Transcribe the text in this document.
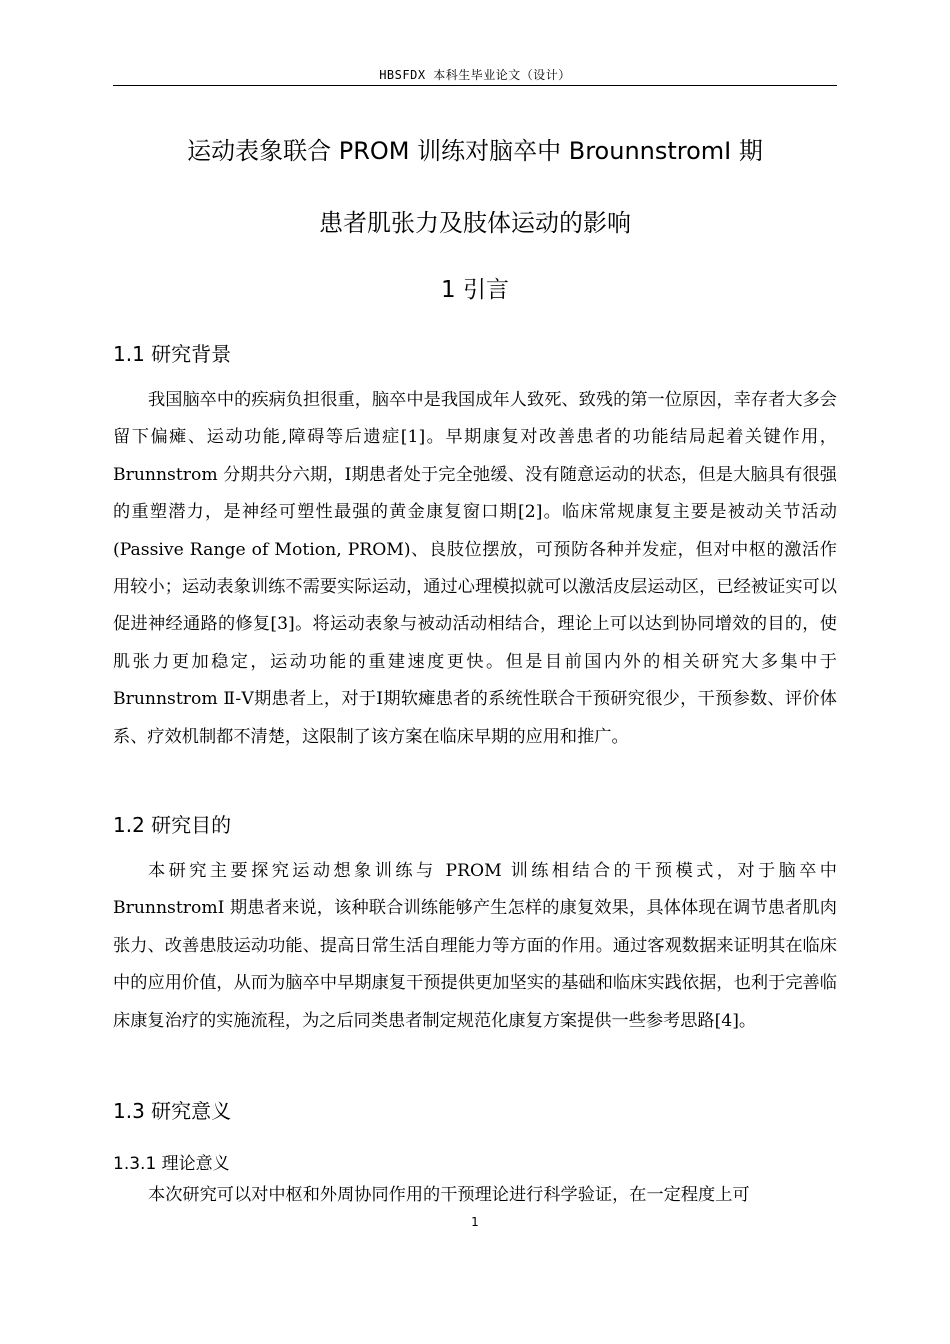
HBSFDX 本科生毕业论文（设计）
运动表象联合 PROM 训练对脑卒中 BrounnstromI 期
患者肌张力及肢体运动的影响
1 引言
1.1 研究背景

我国脑卒中的疾病负担很重，脑卒中是我国成年人致死、致残的第一位原因，幸存者大多会留下偏瘫、运动功能,障碍等后遗症[1]。早期康复对改善患者的功能结局起着关键作用，Brunnstrom 分期共分六期，Ⅰ期患者处于完全弛缓、没有随意运动的状态，但是大脑具有很强的重塑潜力，是神经可塑性最强的黄金康复窗口期[2]。临床常规康复主要是被动关节活动(Passive Range of Motion, PROM)、良肢位摆放，可预防各种并发症，但对中枢的激活作用较小；运动表象训练不需要实际运动，通过心理模拟就可以激活皮层运动区，已经被证实可以促进神经通路的修复[3]。将运动表象与被动活动相结合，理论上可以达到协同增效的目的，使肌张力更加稳定，运动功能的重建速度更快。但是目前国内外的相关研究大多集中于 Brunnstrom Ⅱ-Ⅴ期患者上，对于Ⅰ期软瘫患者的系统性联合干预研究很少，干预参数、评价体系、疗效机制都不清楚，这限制了该方案在临床早期的应用和推广。

1.2 研究目的

本研究主要探究运动想象训练与 PROM 训练相结合的干预模式，对于脑卒中 BrunnstromI 期患者来说，该种联合训练能够产生怎样的康复效果，具体体现在调节患者肌肉张力、改善患肢运动功能、提高日常生活自理能力等方面的作用。通过客观数据来证明其在临床中的应用价值，从而为脑卒中早期康复干预提供更加坚实的基础和临床实践依据，也利于完善临床康复治疗的实施流程，为之后同类患者制定规范化康复方案提供一些参考思路[4]。

1.3 研究意义
1.3.1 理论意义

本次研究可以对中枢和外周协同作用的干预理论进行科学验证，在一定程度上可

1
